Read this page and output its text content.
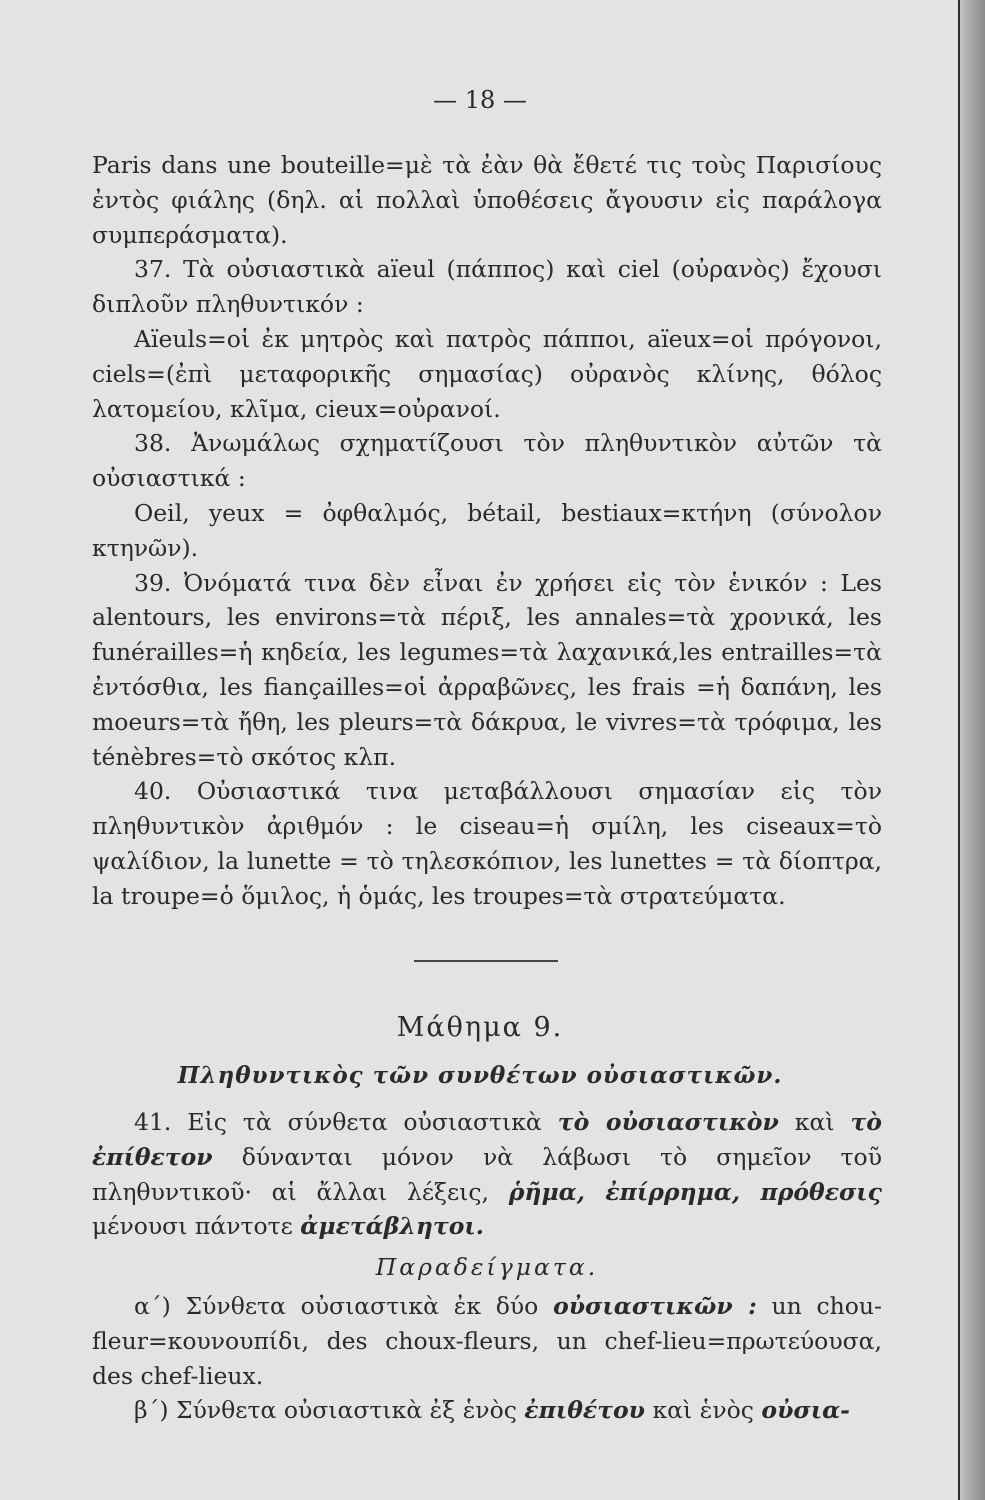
— 18 —

Paris dans une bouteille=μὲ τὰ ἐὰν θὰ ἔθετέ τις τοὺς Παρισίους ἐντὸς φιάλης (δηλ. αἱ πολλαὶ ὑποθέσεις ἄγουσιν εἰς παράλογα συμπεράσματα).

37. Τὰ οὐσιαστικὰ aïeul (πάππος) καὶ ciel (οὐρανὸς) ἔχουσι διπλοῦν πληθυντικόν :

Aïeuls=οἱ ἐκ μητρὸς καὶ πατρὸς πάπποι, aïeux=οἱ πρόγονοι, ciels=(ἐπὶ μεταφορικῆς σημασίας) οὐρανὸς κλίνης, θόλος λατομείου, κλῖμα, cieux=οὐρανοί.

38. Ἀνωμάλως σχηματίζουσι τὸν πληθυντικὸν αὐτῶν τὰ οὐσιαστικά :

Oeil, yeux = ὀφθαλμός, bétail, bestiaux=κτήνη (σύνολον κτηνῶν).

39. Ὀνόματά τινα δὲν εἶναι ἐν χρήσει εἰς τὸν ἑνικόν : Les alentours, les environs=τὰ πέριξ, les annales=τὰ χρονικά, les funérailles=ἡ κηδεία, les legumes=τὰ λαχανικά,les entrailles=τὰ ἐντόσθια, les fiançailles=οἱ ἀρραβῶνες, les frais =ἡ δαπάνη, les moeurs=τὰ ἤθη, les pleurs=τὰ δάκρυα, le vivres=τὰ τρόφιμα, les ténèbres=τὸ σκότος κλπ.

40. Οὐσιαστικά τινα μεταβάλλουσι σημασίαν εἰς τὸν πληθυντικὸν ἀριθμόν : le ciseau=ἡ σμίλη, les ciseaux=τὸ ψαλίδιον, la lunette = τὸ τηλεσκόπιον, les lunettes = τὰ δίοπτρα, la troupe=ὁ ὅμιλος, ἡ ὁμάς, les troupes=τὰ στρατεύματα.

Μάθημα 9.
Πληθυντικὸς τῶν συνθέτων οὐσιαστικῶν.

41. Εἰς τὰ σύνθετα οὐσιαστικὰ τὸ οὐσιαστικὸν καὶ τὸ ἐπίθετον δύνανται μόνον νὰ λάβωσι τὸ σημεῖον τοῦ πληθυντικοῦ· αἱ ἄλλαι λέξεις, ῥῆμα, ἐπίρρημα, πρόθεσις μένουσι πάντοτε ἀμετάβλητοι.

Παραδείγματα.

α΄) Σύνθετα οὐσιαστικὰ ἐκ δύο οὐσιαστικῶν : un chou-fleur=κουνουπίδι, des choux-fleurs, un chef-lieu=πρωτεύουσα, des chef-lieux.

β΄) Σύνθετα οὐσιαστικὰ ἐξ ἑνὸς ἐπιθέτου καὶ ἑνὸς οὐσια-
